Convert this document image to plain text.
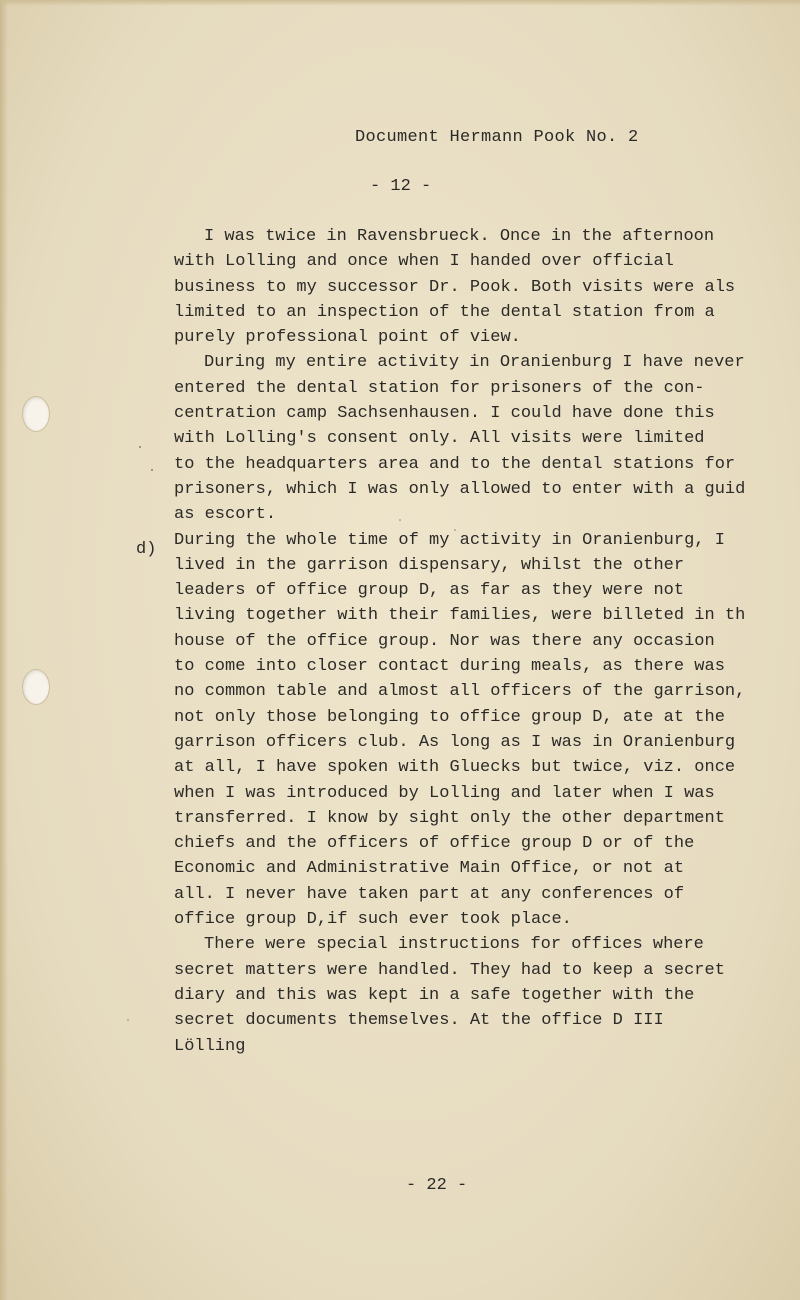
Document Hermann Pook No. 2
- 12 -
d)
I was twice in Ravensbrueck. Once in the afternoon
with Lolling and once when I handed over official
business to my successor Dr. Pook. Both visits were als
limited to an inspection of the dental station from a
purely professional point of view.
During my entire activity in Oranienburg I have never
entered the dental station for prisoners of the con-
centration camp Sachsenhausen. I could have done this
with Lolling's consent only. All visits were limited
to the headquarters area and to the dental stations for
prisoners, which I was only allowed to enter with a guid
as escort.
During the whole time of my activity in Oranienburg, I
lived in the garrison dispensary, whilst the other
leaders of office group D, as far as they were not
living together with their families, were billeted in th
house of the office group. Nor was there any occasion
to come into closer contact during meals, as there was
no common table and almost all officers of the garrison,
not only those belonging to office group D, ate at the
garrison officers club. As long as I was in Oranienburg
at all, I have spoken with Gluecks but twice, viz. once
when I was introduced by Lolling and later when I was
transferred. I know by sight only the other department
chiefs and the officers of office group D or of the
Economic and Administrative Main Office, or not at
all. I never have taken part at any conferences of
office group D,if such ever took place.
There were special instructions for offices where
secret matters were handled. They had to keep a secret
diary and this was kept in a safe together with the
secret documents themselves. At the office D III
Lölling
- 22 -
